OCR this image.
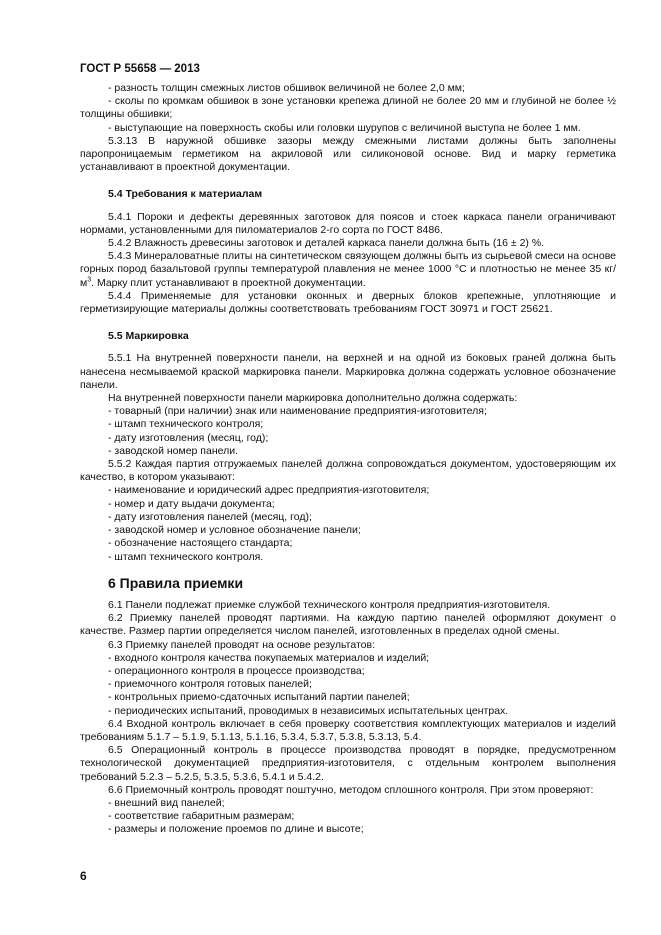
ГОСТ Р 55658 — 2013

- разность толщин смежных листов обшивок величиной не более 2,0 мм;

- сколы по кромкам обшивок в зоне установки крепежа длиной не более 20 мм и глубиной не более ½ толщины обшивки;

- выступающие на поверхность скобы или головки шурупов с величиной выступа не более 1 мм.

5.3.13 В наружной обшивке зазоры между смежными листами должны быть заполнены паропроницаемым герметиком на акриловой или силиконовой основе. Вид и марку герметика устанавливают в проектной документации.

5.4 Требования к материалам

5.4.1 Пороки и дефекты деревянных заготовок для поясов и стоек каркаса панели ограничивают нормами, установленными для пиломатериалов 2-го сорта по ГОСТ 8486.

5.4.2 Влажность древесины заготовок и деталей каркаса панели должна быть (16 ± 2) %.

5.4.3 Минераловатные плиты на синтетическом связующем должны быть из сырьевой смеси на основе горных пород базальтовой группы температурой плавления не менее 1000 °С и плотностью не менее 35 $кг/м^3$. Марку плит устанавливают в проектной документации.

5.4.4 Применяемые для установки оконных и дверных блоков крепежные, уплотняющие и герметизирующие материалы должны соответствовать требованиям ГОСТ 30971 и ГОСТ 25621.

5.5 Маркировка

5.5.1 На внутренней поверхности панели, на верхней и на одной из боковых граней должна быть нанесена несмываемой краской маркировка панели. Маркировка должна содержать условное обозначение панели.

На внутренней поверхности панели маркировка дополнительно должна содержать:

- товарный (при наличии) знак или наименование предприятия-изготовителя;

- штамп технического контроля;

- дату изготовления (месяц, год);

- заводской номер панели.

5.5.2 Каждая партия отгружаемых панелей должна сопровождаться документом, удостоверяющим их качество, в котором указывают:

- наименование и юридический адрес предприятия-изготовителя;

- номер и дату выдачи документа;

- дату изготовления панелей (месяц, год);

- заводской номер и условное обозначение панели;

- обозначение настоящего стандарта;

- штамп технического контроля.

6 Правила приемки

6.1 Панели подлежат приемке службой технического контроля предприятия-изготовителя.

6.2 Приемку панелей проводят партиями. На каждую партию панелей оформляют документ о качестве. Размер партии определяется числом панелей, изготовленных в пределах одной смены.

6.3 Приемку панелей проводят на основе результатов:

- входного контроля качества покупаемых материалов и изделий;

- операционного контроля в процессе производства;

- приемочного контроля готовых панелей;

- контрольных приемо-сдаточных испытаний партии панелей;

- периодических испытаний, проводимых в независимых испытательных центрах.

6.4 Входной контроль включает в себя проверку соответствия комплектующих материалов и изделий требованиям 5.1.7 – 5.1.9, 5.1.13, 5.1.16, 5.3.4, 5.3.7, 5.3.8, 5.3.13, 5.4.

6.5 Операционный контроль в процессе производства проводят в порядке, предусмотренном технологической документацией предприятия-изготовителя, с отдельным контролем выполнения требований 5.2.3 – 5.2.5, 5.3.5, 5.3.6, 5.4.1 и 5.4.2.

6.6 Приемочный контроль проводят поштучно, методом сплошного контроля. При этом проверяют:

- внешний вид панелей;

- соответствие габаритным размерам;

- размеры и положение проемов по длине и высоте;

6
